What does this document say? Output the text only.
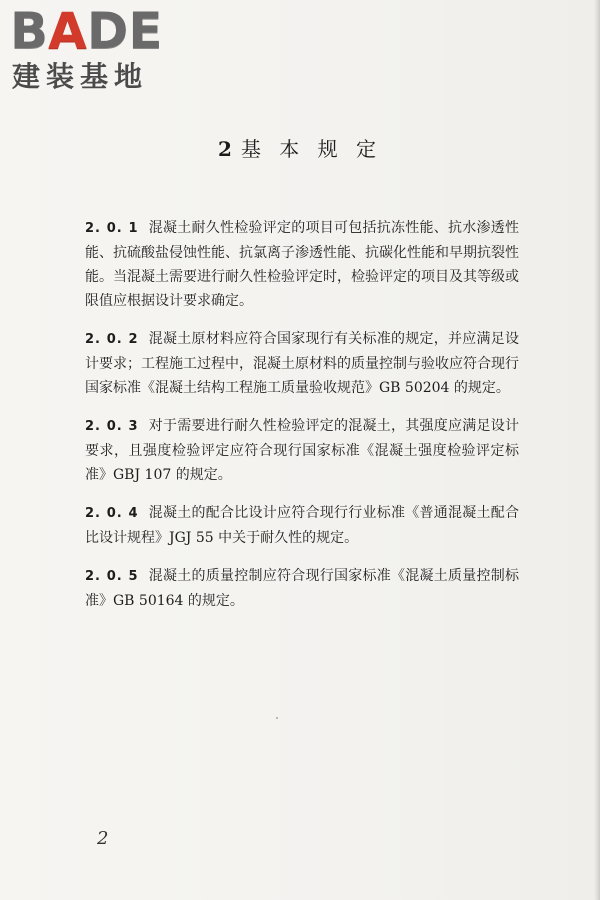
BADE
建装基地
2 基 本 规 定

2. 0. 1 混凝土耐久性检验评定的项目可包括抗冻性能、抗水渗透性能、抗硫酸盐侵蚀性能、抗氯离子渗透性能、抗碳化性能和早期抗裂性能。当混凝土需要进行耐久性检验评定时，检验评定的项目及其等级或限值应根据设计要求确定。

2. 0. 2 混凝土原材料应符合国家现行有关标准的规定，并应满足设计要求；工程施工过程中，混凝土原材料的质量控制与验收应符合现行国家标准《混凝土结构工程施工质量验收规范》GB 50204 的规定。

2. 0. 3 对于需要进行耐久性检验评定的混凝土，其强度应满足设计要求，且强度检验评定应符合现行国家标准《混凝土强度检验评定标准》GBJ 107 的规定。

2. 0. 4 混凝土的配合比设计应符合现行行业标准《普通混凝土配合比设计规程》JGJ 55 中关于耐久性的规定。

2. 0. 5 混凝土的质量控制应符合现行国家标准《混凝土质量控制标准》GB 50164 的规定。

2
